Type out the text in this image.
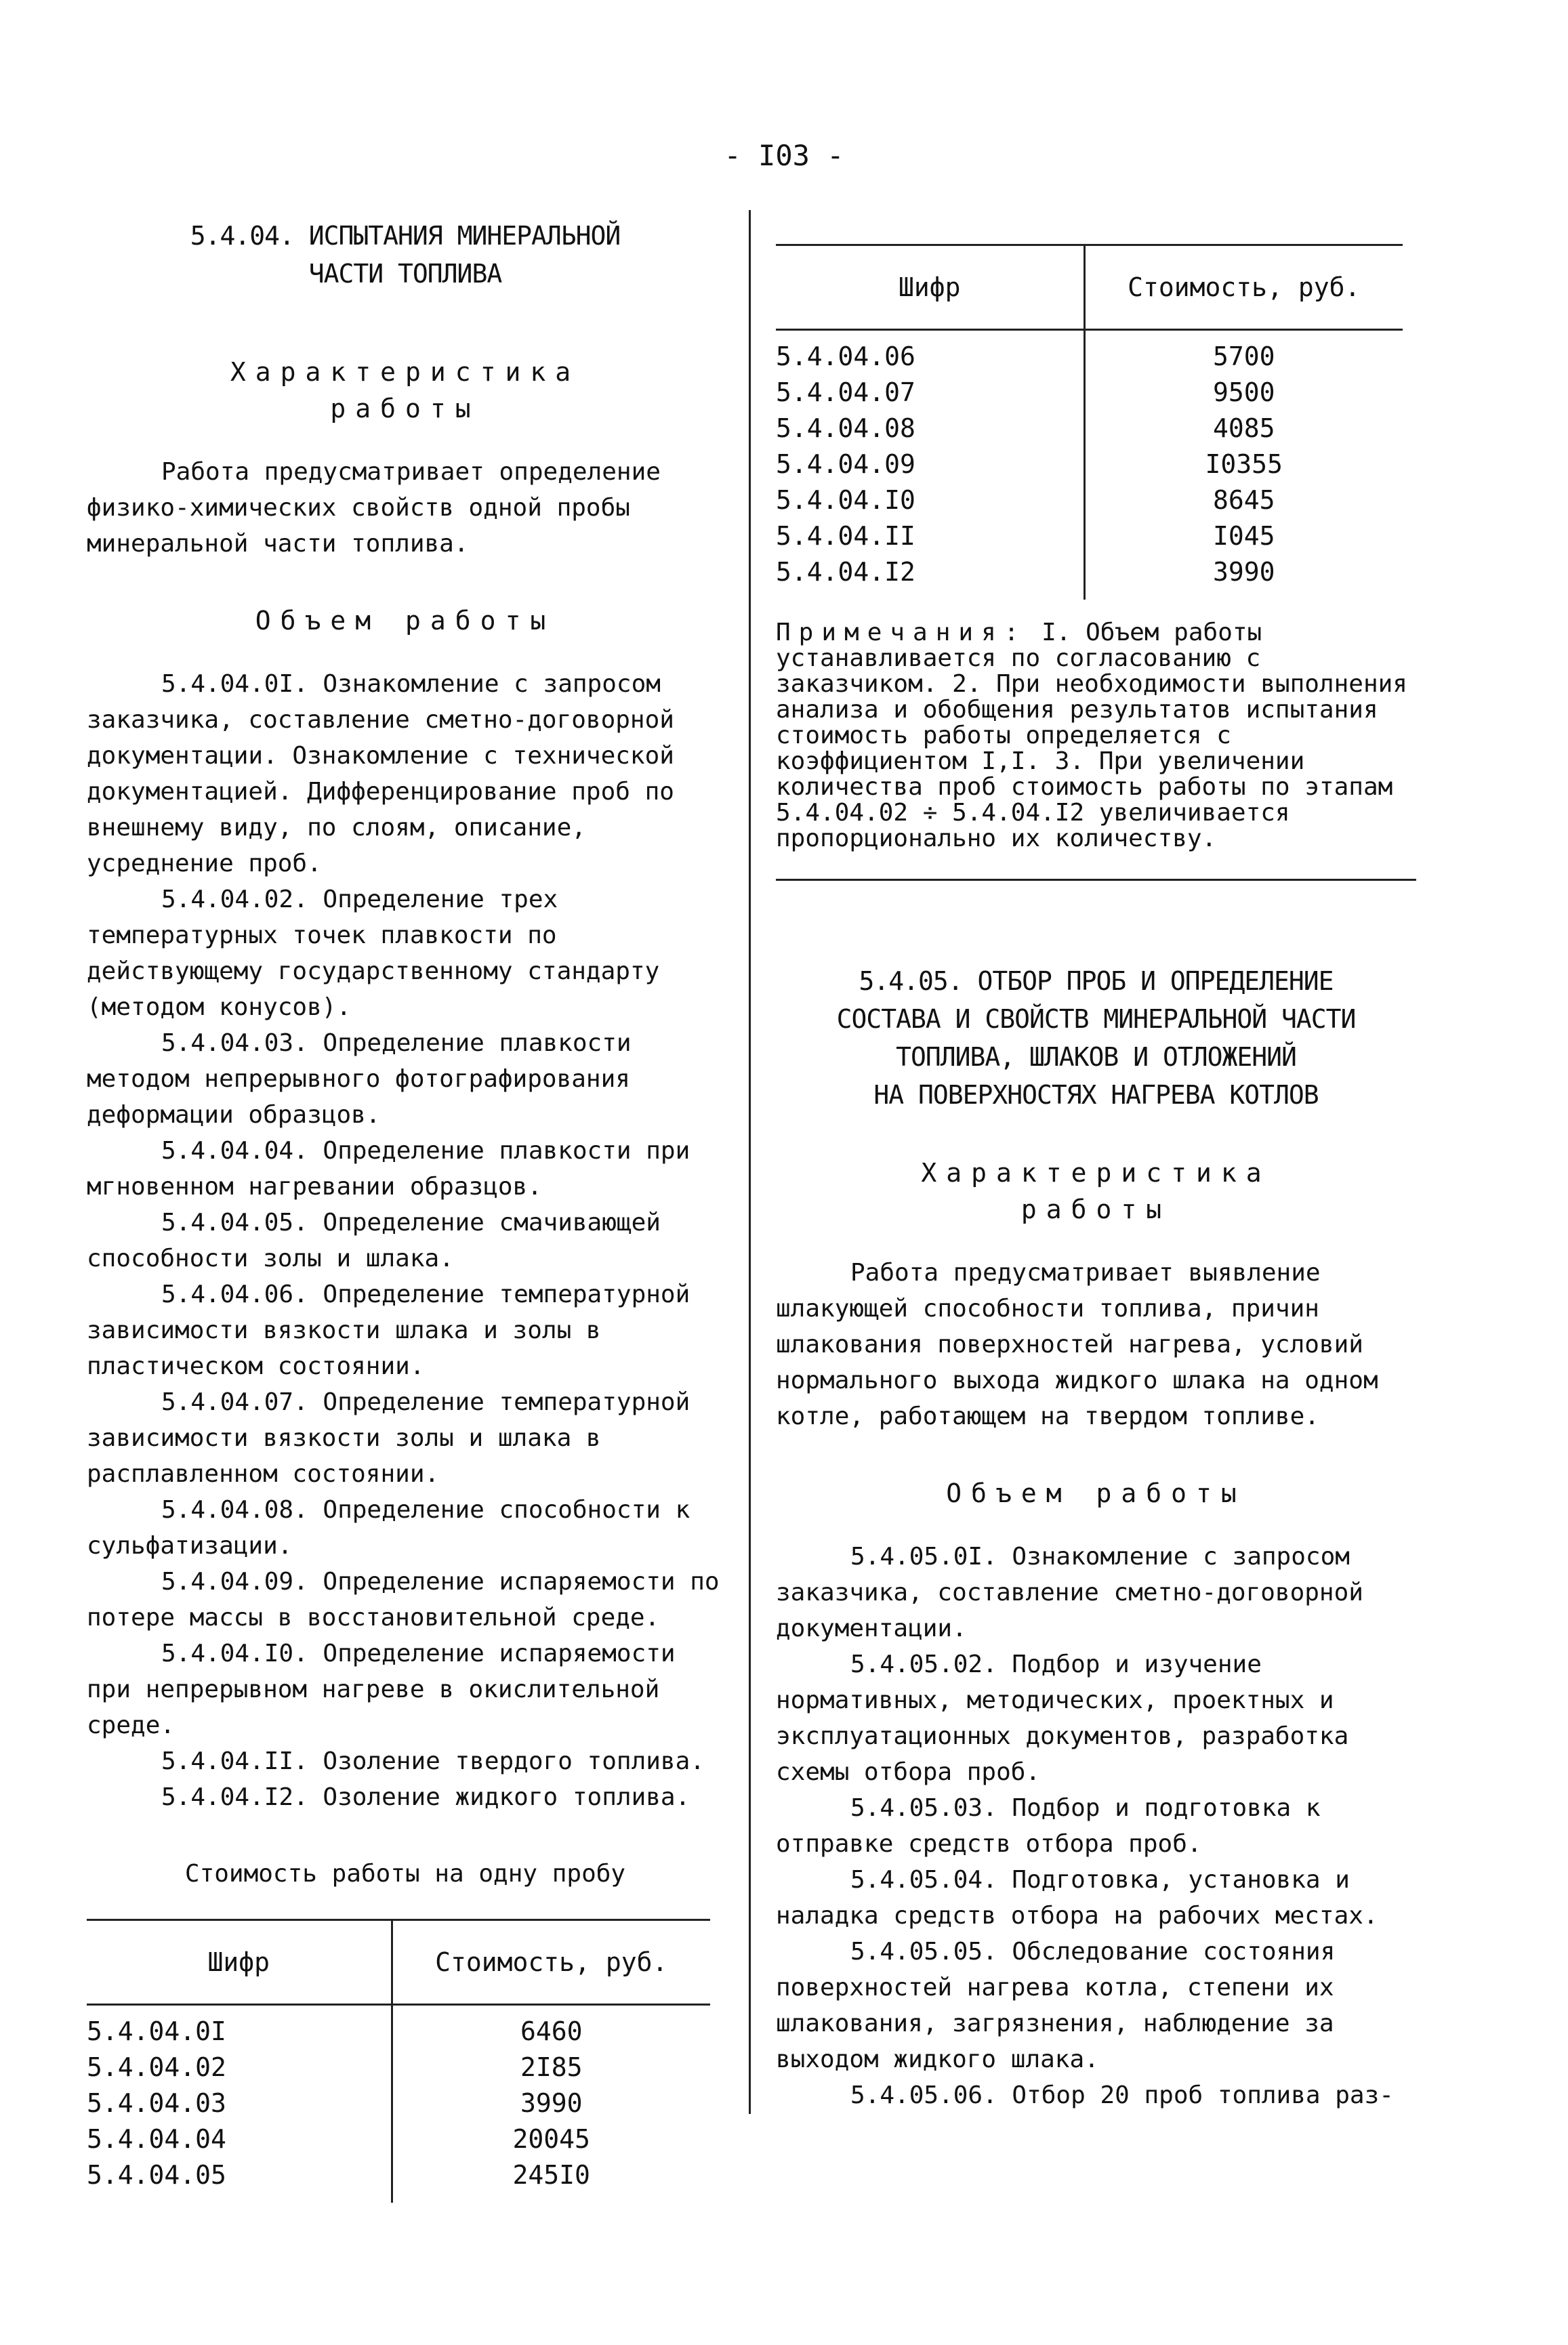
- I03 -

5.4.04. ИСПЫТАНИЯ МИНЕРАЛЬНОЙ

ЧАСТИ ТОПЛИВА

Характеристика

работы

Работа предусматривает определение физико-химических свойств одной пробы минеральной части топлива.

Объем работы

5.4.04.0I. Ознакомление с запросом заказчика, составление сметно-договорной документации. Ознакомление с технической документацией. Дифференцирование проб по внешнему виду, по слоям, описание, усреднение проб.

5.4.04.02. Определение трех температурных точек плавкости по действующему государственному стандарту (методом конусов).

5.4.04.03. Определение плавкости методом непрерывного фотографирования деформации образцов.

5.4.04.04. Определение плавкости при мгновенном нагревании образцов.

5.4.04.05. Определение смачивающей способности золы и шлака.

5.4.04.06. Определение температурной зависимости вязкости шлака и золы в пластическом состоянии.

5.4.04.07. Определение температурной зависимости вязкости золы и шлака в расплавленном состоянии.

5.4.04.08. Определение способности к сульфатизации.

5.4.04.09. Определение испаряемости по потере массы в восстановительной среде.

5.4.04.I0. Определение испаряемости при непрерывном нагреве в окислительной среде.

5.4.04.II. Озоление твердого топлива.

5.4.04.I2. Озоление жидкого топлива.

Стоимость работы на одну пробу

Шифр	Стоимость, руб.
5.4.04.0I	6460
5.4.04.02	2I85
5.4.04.03	3990
5.4.04.04	20045
5.4.04.05	245I0
Шифр	Стоимость, руб.
5.4.04.06	5700
5.4.04.07	9500
5.4.04.08	4085
5.4.04.09	I0355
5.4.04.I0	8645
5.4.04.II	I045
5.4.04.I2	3990
Примечания: I. Объем работы устанавливается по согласованию с заказчиком. 2. При необходимости выполнения анализа и обобщения результатов испытания стоимость работы определяется с коэффициентом I,I. 3. При увеличении количества проб стоимость работы по этапам 5.4.04.02 ÷ 5.4.04.I2 увеличивается пропорционально их количеству.

5.4.05. ОТБОР ПРОБ И ОПРЕДЕЛЕНИЕ

СОСТАВА И СВОЙСТВ МИНЕРАЛЬНОЙ ЧАСТИ

ТОПЛИВА, ШЛАКОВ И ОТЛОЖЕНИЙ

НА ПОВЕРХНОСТЯХ НАГРЕВА КОТЛОВ

Характеристика

работы

Работа предусматривает выявление шлакующей способности топлива, причин шлакования поверхностей нагрева, условий нормального выхода жидкого шлака на одном котле, работающем на твердом топливе.

Объем работы

5.4.05.0I. Ознакомление с запросом заказчика, составление сметно-договорной документации.

5.4.05.02. Подбор и изучение нормативных, методических, проектных и эксплуатационных документов, разработка схемы отбора проб.

5.4.05.03. Подбор и подготовка к отправке средств отбора проб.

5.4.05.04. Подготовка, установка и наладка средств отбора на рабочих местах.

5.4.05.05. Обследование состояния поверхностей нагрева котла, степени их шлакования, загрязнения, наблюдение за выходом жидкого шлака.

5.4.05.06. Отбор 20 проб топлива раз-
